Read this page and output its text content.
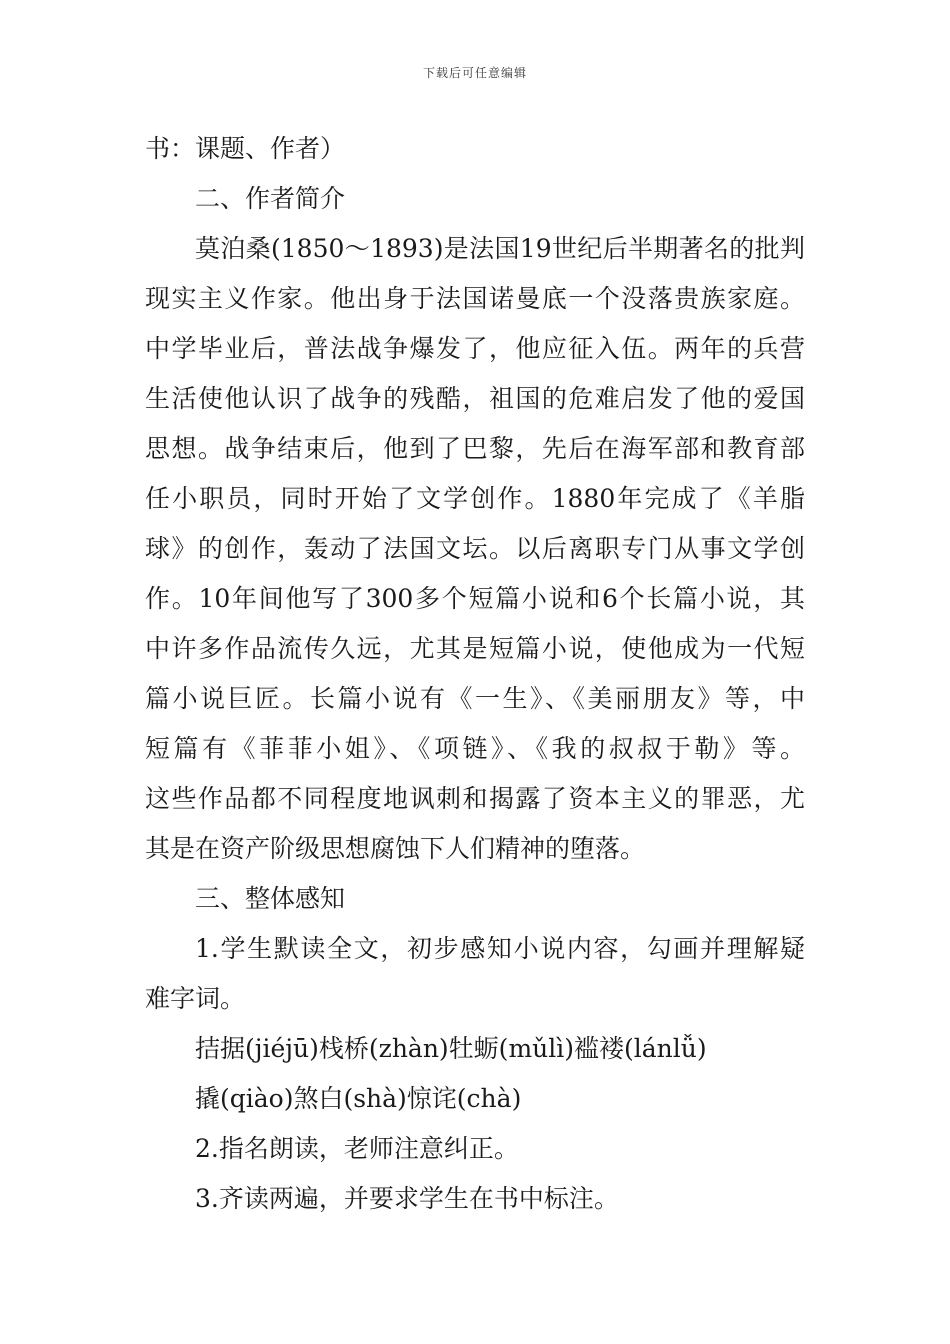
下载后可任意编辑
书：课题、作者）
二、作者简介
莫泊桑(1850～1893)是法国19世纪后半期著名的批判
现实主义作家。他出身于法国诺曼底一个没落贵族家庭。
中学毕业后，普法战争爆发了，他应征入伍。两年的兵营
生活使他认识了战争的残酷，祖国的危难启发了他的爱国
思想。战争结束后，他到了巴黎，先后在海军部和教育部
任小职员，同时开始了文学创作。1880年完成了《羊脂
球》的创作，轰动了法国文坛。以后离职专门从事文学创
作。10年间他写了300多个短篇小说和6个长篇小说，其
中许多作品流传久远，尤其是短篇小说，使他成为一代短
篇小说巨匠。长篇小说有《一生》、《美丽朋友》等，中
短篇有《菲菲小姐》、《项链》、《我的叔叔于勒》等。
这些作品都不同程度地讽刺和揭露了资本主义的罪恶，尤
其是在资产阶级思想腐蚀下人们精神的堕落。
三、整体感知
1.学生默读全文，初步感知小说内容，勾画并理解疑
难字词。
拮据(jiéjū)栈桥(zhàn)牡蛎(mǔlì)褴褛(lánlǚ)
撬(qiào)煞白(shà)惊诧(chà)
2.指名朗读，老师注意纠正。
3.齐读两遍，并要求学生在书中标注。
